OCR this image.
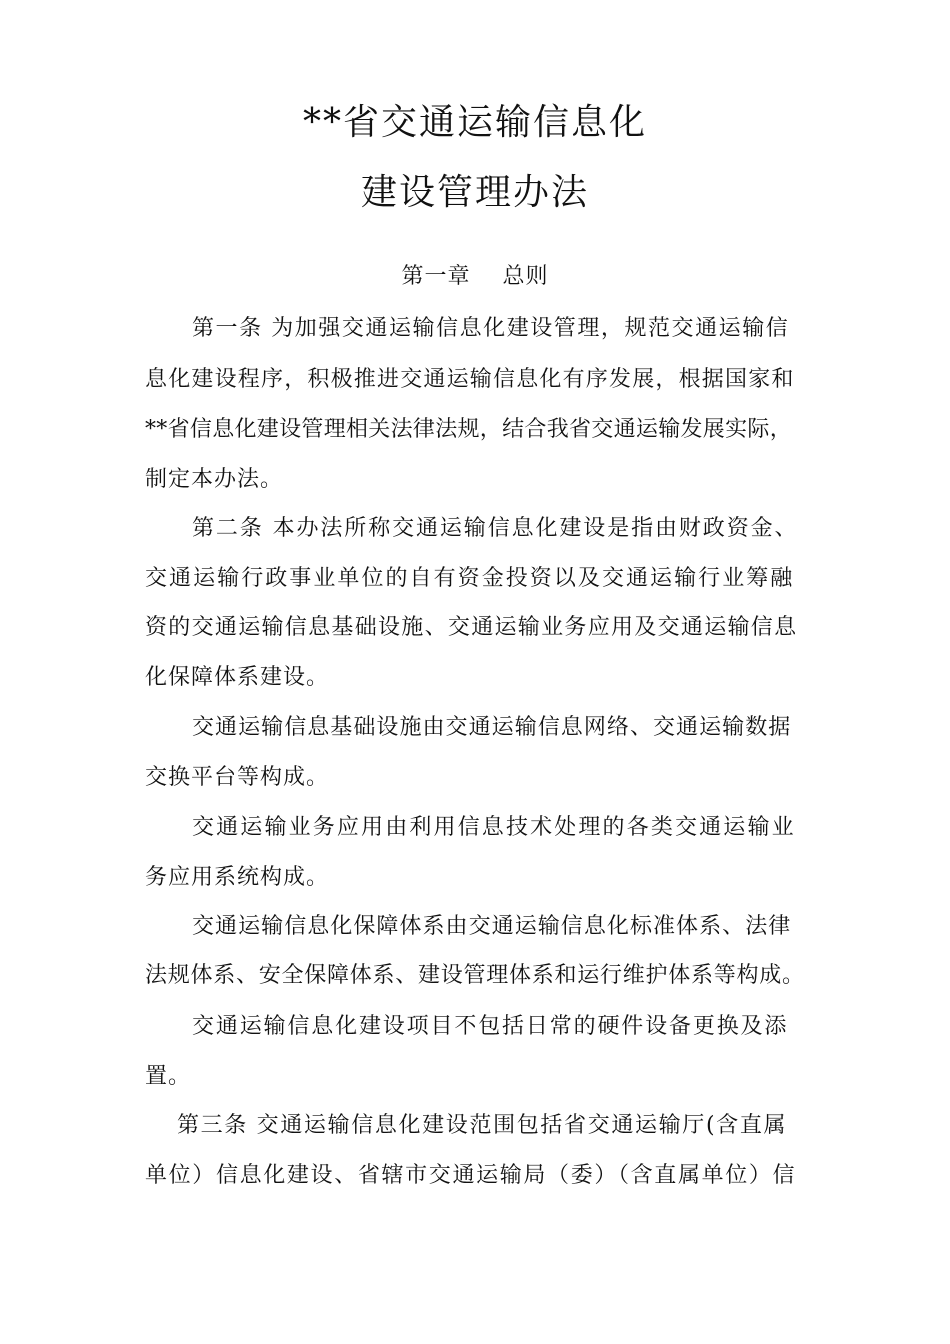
**省交通运输信息化
建设管理办法
第一章    总则
第一条 为加强交通运输信息化建设管理，规范交通运输信
息化建设程序，积极推进交通运输信息化有序发展，根据国家和
**省信息化建设管理相关法律法规，结合我省交通运输发展实际，
制定本办法。
第二条 本办法所称交通运输信息化建设是指由财政资金、
交通运输行政事业单位的自有资金投资以及交通运输行业筹融
资的交通运输信息基础设施、交通运输业务应用及交通运输信息
化保障体系建设。
交通运输信息基础设施由交通运输信息网络、交通运输数据
交换平台等构成。
交通运输业务应用由利用信息技术处理的各类交通运输业
务应用系统构成。
交通运输信息化保障体系由交通运输信息化标准体系、法律
法规体系、安全保障体系、建设管理体系和运行维护体系等构成。
交通运输信息化建设项目不包括日常的硬件设备更换及添
置。
第三条 交通运输信息化建设范围包括省交通运输厅(含直属
单位）信息化建设、省辖市交通运输局（委）（含直属单位）信
